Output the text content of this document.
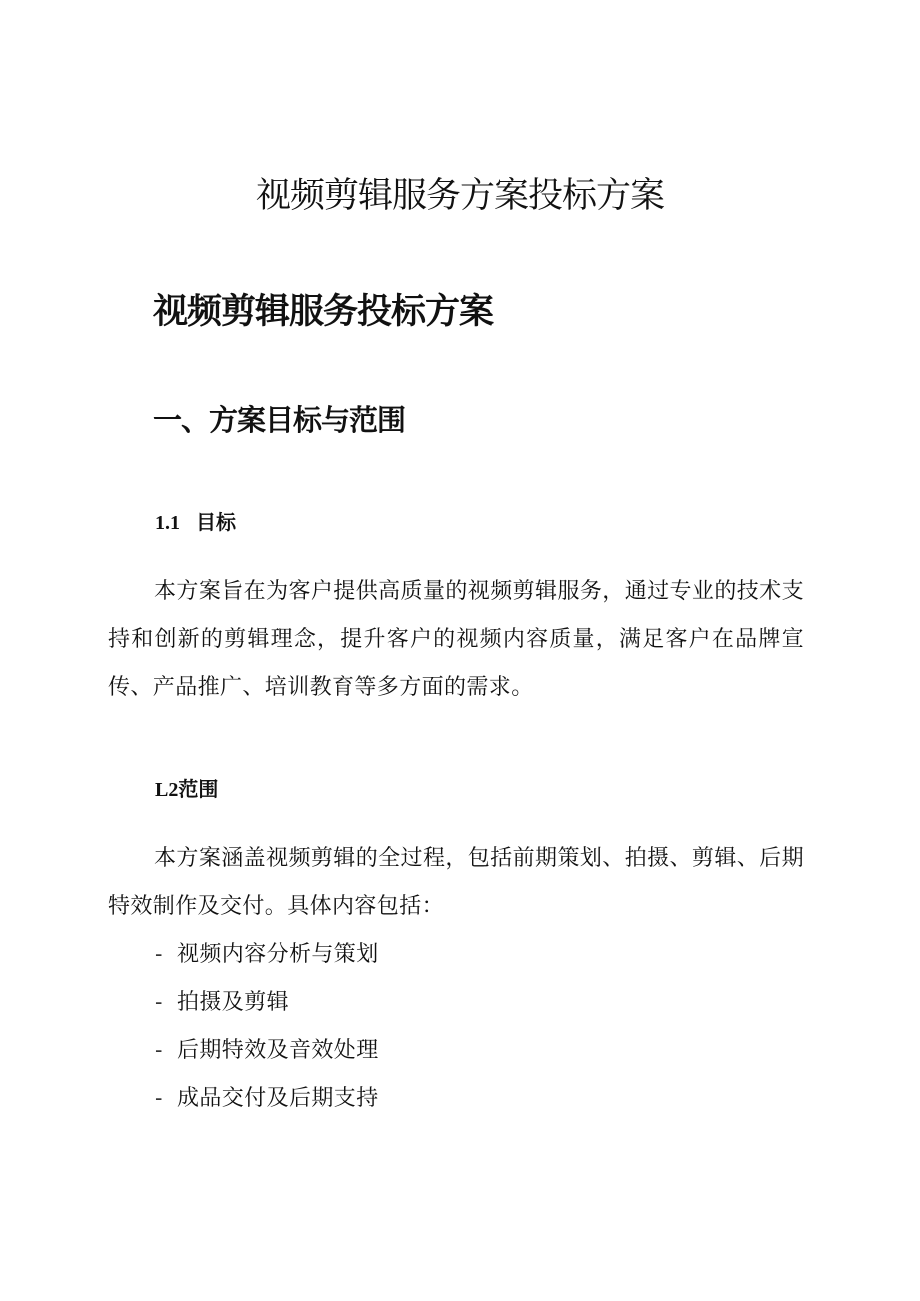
视频剪辑服务方案投标方案
视频剪辑服务投标方案
一、方案目标与范围
1.1 目标

本方案旨在为客户提供高质量的视频剪辑服务，通过专业的技术支持和创新的剪辑理念，提升客户的视频内容质量，满足客户在品牌宣传、产品推广、培训教育等多方面的需求。

L2范围

本方案涵盖视频剪辑的全过程，包括前期策划、拍摄、剪辑、后期特效制作及交付。具体内容包括：

- 视频内容分析与策划
- 拍摄及剪辑
- 后期特效及音效处理
- 成品交付及后期支持
